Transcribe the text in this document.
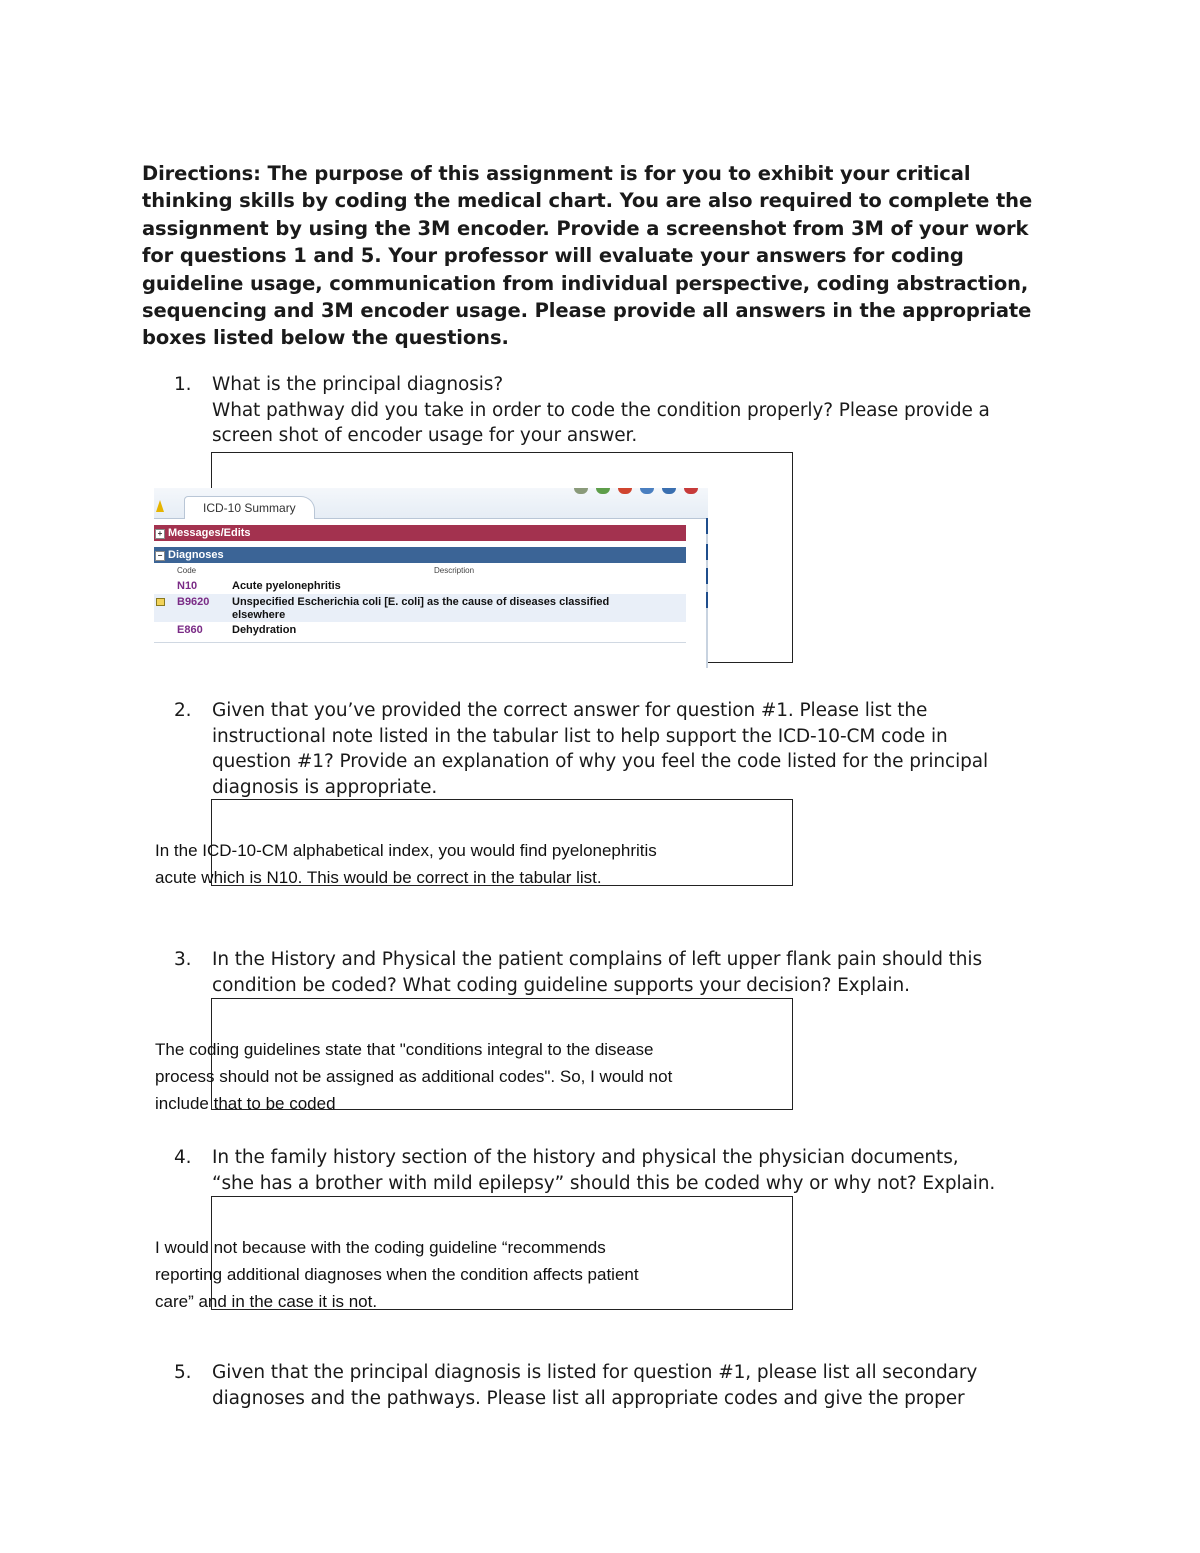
Directions: The purpose of this assignment is for you to exhibit your critical
thinking skills by coding the medical chart. You are also required to complete the
assignment by using the 3M encoder. Provide a screenshot from 3M of your work
for questions 1 and 5. Your professor will evaluate your answers for coding
guideline usage, communication from individual perspective, coding abstraction,
sequencing and 3M encoder usage. Please provide all answers in the appropriate
boxes listed below the questions.
1. What is the principal diagnosis?
What pathway did you take in order to code the condition properly? Please provide a
screen shot of encoder usage for your answer.
ICD-10 Summary
+ Messages/Edits
− Diagnoses
Code	Description
N10	Acute pyelonephritis
B9620 Unspecified Escherichia coli [E. coli] as the cause of diseases classified elsewhere
E860	Dehydration
2. Given that you’ve provided the correct answer for question #1. Please list the
instructional note listed in the tabular list to help support the ICD-10-CM code in
question #1? Provide an explanation of why you feel the code listed for the principal
diagnosis is appropriate.
In the ICD-10-CM alphabetical index, you would find pyelonephritis
acute which is N10. This would be correct in the tabular list.
3. In the History and Physical the patient complains of left upper flank pain should this
condition be coded? What coding guideline supports your decision? Explain.
The coding guidelines state that "conditions integral to the disease
process should not be assigned as additional codes". So, I would not
include that to be coded
4. In the family history section of the history and physical the physician documents,
“she has a brother with mild epilepsy” should this be coded why or why not? Explain.
I would not because with the coding guideline “recommends
reporting additional diagnoses when the condition affects patient
care” and in the case it is not.
5. Given that the principal diagnosis is listed for question #1, please list all secondary
diagnoses and the pathways. Please list all appropriate codes and give the proper
